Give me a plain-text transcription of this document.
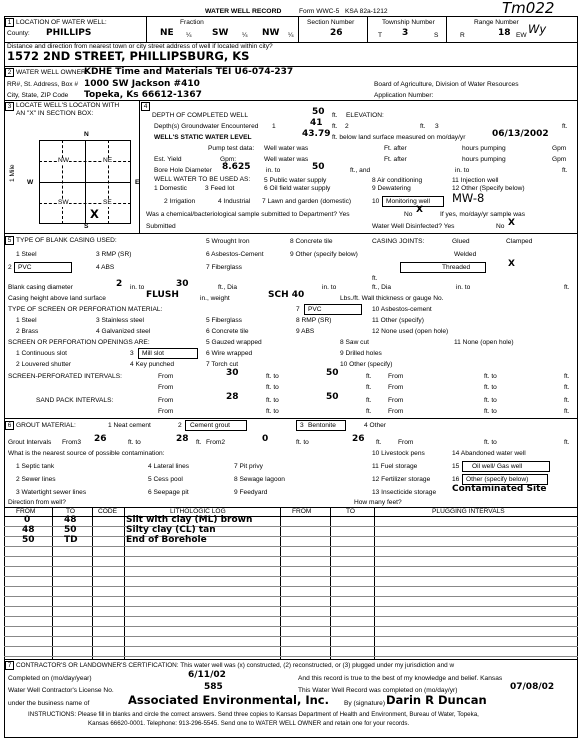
WATER WELL RECORD	Form WWC-5 KSA 82a-1212	Tm022
1 LOCATION OF WATER WELL:
County: PHILLIPS
Fraction
NE ¼ SW ¼ NW ¼
Section Number
26
Township Number
T 3	S
Range Number
R	18 EW Wy
Distance and direction from nearest town or city street address of well if located within city?
1572 2ND STREET, PHILLIPSBURG, KS
2 WATER WELL OWNER:
KDHE Time and Materials TEI U6-074-237
RR#, St. Address, Box # 1000 SW Jackson #410
City, State, ZIP Code Topeka, Ks 66612-1367
Board of Agriculture, Division of Water Resources
Application Number:
3 LOCATE WELL'S LOCATON WITH
AN "X" IN SECTION BOX:
N
S
W	E
1 Mile
NW	NE
SW	SE
X
4
DEPTH OF COMPLETED WELL	50 ft. ELEVATION:
Depth(s) Groundwater Encountered 1	41 ft. 2	ft. 3	ft.
WELL'S STATIC WATER LEVEL	43.79 ft. below land surface measured on mo/day/yr	06/13/2002
Pump test data: Well water was	Ft. after	hours pumping	Gpm
Est. Yield	Gpm:	Well water was	Ft. after	hours pumping	Gpm
Bore Hole Diameter 8.625 in. to	50	ft., and	in. to	ft.
WELL WATER TO BE USED AS:
1 Domestic	3 Feed lot	6 Oil field water supply	9 Dewatering	12 Other (Specify below)
5 Public water supply	8 Air conditioning	11 Injection well
2 Irrigation	4 Industrial 7 Lawn and garden (domestic)	10 Monitoring well MW-8
Was a chemical/bacteriological sample submitted to Department? Yes	No X	If yes, mo/day/yr sample was
Submitted	Water Well Disinfected? Yes	No X
5 TYPE OF BLANK CASING USED:
1 Steel	3 RMP (SR)
2 PVC	4 ABS
5 Wrought Iron
6 Asbestos-Cement
7 Fiberglass
8 Concrete tile
9 Other (specify below)
CASING JOINTS:	Glued	Clamped
Welded
Threaded	X
ft.
Blank casing diameter	2 in. to	30	ft., Dia	in. to	ft., Dia	in. to	ft.
Casing height above land surface	FLUSH	in., weight	SCH 40	Lbs./ft. Wall thickness or gauge No.
TYPE OF SCREEN OR PERFORATION MATERIAL:	7 PVC	10 Asbestos-cement
1 Steel	3 Stainless steel	5 Fiberglass	8 RMP (SR)	11 Other (specify)
2 Brass	4 Galvanized steel	6 Concrete tile	9 ABS	12 None used (open hole)
SCREEN OR PERFORATION OPENINGS ARE:	5 Gauzed wrapped	8 Saw cut	11 None (open hole)
1 Continuous slot	3 Mill slot	6 Wire wrapped	9 Drilled holes
2 Louvered shutter	4 Key punched	7 Torch cut	10 Other (specify)
SCREEN-PERFORATED INTERVALS:	From	30	ft. to	50	ft.	From	ft. to	ft.
From	ft. to	ft.	From	ft. to	ft.
SAND PACK INTERVALS:	From	28	ft. to	50	ft.	From	ft. to	ft.
From	ft. to	ft.	From	ft. to	ft.
6 GROUT MATERIAL:	1 Neat cement	2 Cement grout	3 Bentonite	4 Other
Grout Intervals From3 26	ft. to	28 ft. From2	0	ft. to	26 ft.	From	ft. to	ft.
What is the nearest source of possible contamination:	10 Livestock pens	14 Abandoned water well
1 Septic tank	4 Lateral lines	7 Pit privy	11 Fuel storage	15 Oil well/ Gas well
2 Sewer lines	5 Cess pool	8 Sewage lagoon	12 Fertilizer storage	16 Other (specify below)
3 Watertight sewer lines	6 Seepage pit	9 Feedyard	13 Insecticide storage Contaminated Site
Direction from well?	How many feet?
FROM	TO	CODE	LITHOLOGIC LOG	FROM	TO	PLUGGING INTERVALS
0	48	Silt with clay (ML) brown
48	50	Silty clay (CL) tan
50	TD	End of Borehole
7 CONTRACTOR'S OR LANDOWNER'S CERTIFICATION: This water well was (x) constructed, (2) reconstructed, or (3) plugged under my jurisdiction and w
Completed on (mo/day/year)	6/11/02	And this record is true to the best of my knowledge and belief. Kansas
Water Well Contractor's License No.	585	This Water Well Record was completed on (mo/day/yr)	07/08/02
under the business name of	Associated Environmental, Inc. By (signature) Darin R Duncan
INSTRUCTIONS: Please fill in blanks and circle the correct answers. Send three copies to Kansas Department of Health and Environment, Bureau of Water, Topeka,
Kansas 66620-0001. Telephone: 913-296-5545. Send one to WATER WELL OWNER and retain one for your records.
